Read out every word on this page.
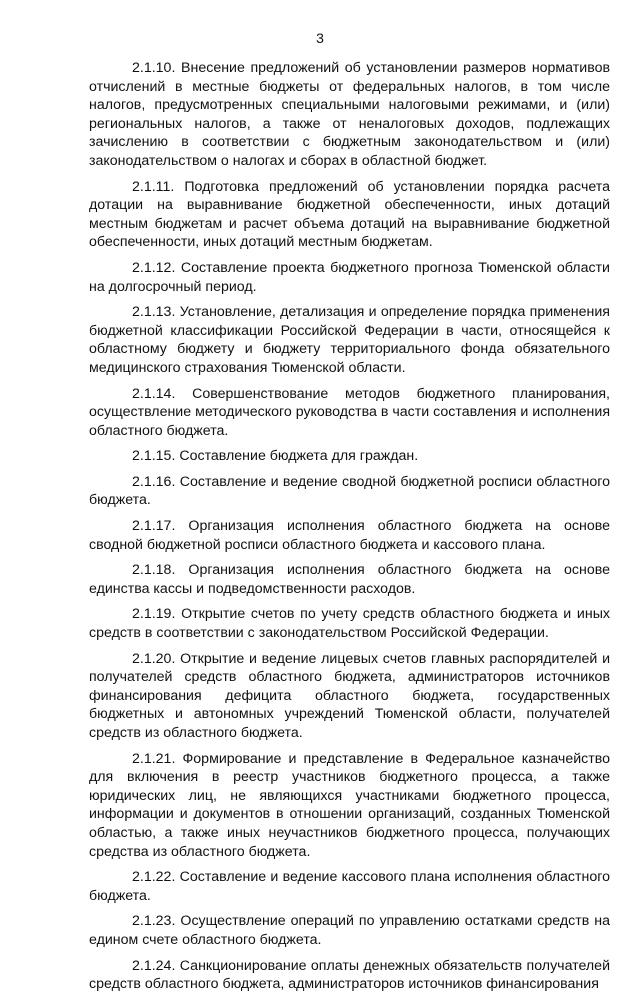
3

2.1.10. Внесение предложений об установлении размеров нормативов отчислений в местные бюджеты от федеральных налогов, в том числе налогов, предусмотренных специальными налоговыми режимами, и (или) региональных налогов, а также от неналоговых доходов, подлежащих зачислению в соответствии с бюджетным законодательством и (или) законодательством о налогах и сборах в областной бюджет.

2.1.11. Подготовка предложений об установлении порядка расчета дотации на выравнивание бюджетной обеспеченности, иных дотаций местным бюджетам и расчет объема дотаций на выравнивание бюджетной обеспеченности, иных дотаций местным бюджетам.

2.1.12. Составление проекта бюджетного прогноза Тюменской области на долгосрочный период.

2.1.13. Установление, детализация и определение порядка применения бюджетной классификации Российской Федерации в части, относящейся к областному бюджету и бюджету территориального фонда обязательного медицинского страхования Тюменской области.

2.1.14. Совершенствование методов бюджетного планирования, осуществление методического руководства в части составления и исполнения областного бюджета.

2.1.15. Составление бюджета для граждан.

2.1.16. Составление и ведение сводной бюджетной росписи областного бюджета.

2.1.17. Организация исполнения областного бюджета на основе сводной бюджетной росписи областного бюджета и кассового плана.

2.1.18. Организация исполнения областного бюджета на основе единства кассы и подведомственности расходов.

2.1.19. Открытие счетов по учету средств областного бюджета и иных средств в соответствии с законодательством Российской Федерации.

2.1.20. Открытие и ведение лицевых счетов главных распорядителей и получателей средств областного бюджета, администраторов источников финансирования дефицита областного бюджета, государственных бюджетных и автономных учреждений Тюменской области, получателей средств из областного бюджета.

2.1.21. Формирование и представление в Федеральное казначейство для включения в реестр участников бюджетного процесса, а также юридических лиц, не являющихся участниками бюджетного процесса, информации и документов в отношении организаций, созданных Тюменской областью, а также иных неучастников бюджетного процесса, получающих средства из областного бюджета.

2.1.22. Составление и ведение кассового плана исполнения областного бюджета.

2.1.23. Осуществление операций по управлению остатками средств на едином счете областного бюджета.

2.1.24. Санкционирование оплаты денежных обязательств получателей средств областного бюджета, администраторов источников финансирования
